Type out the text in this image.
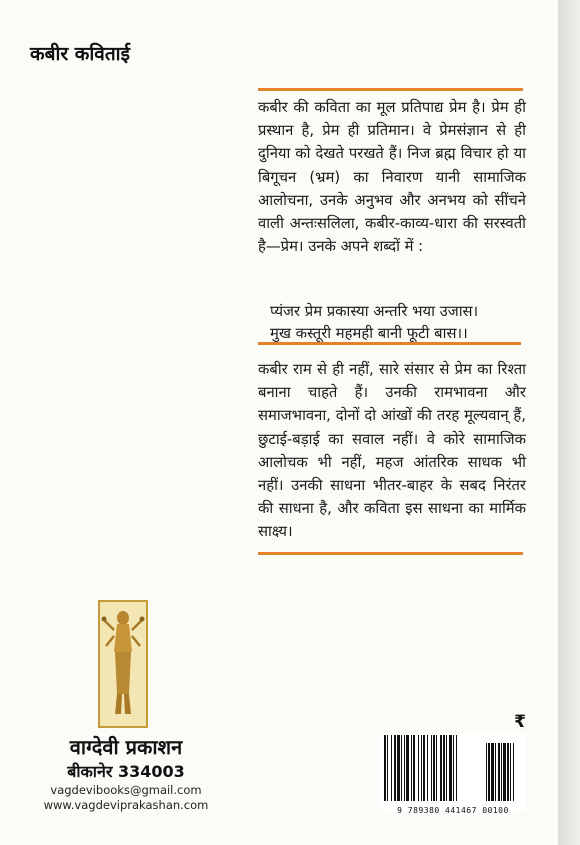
कबीर कविताई
कबीर की कविता का मूल प्रतिपाद्य प्रेम है। प्रेम ही प्रस्थान है, प्रेम ही प्रतिमान। वे प्रेमसंज्ञान से ही दुनिया को देखते परखते हैं। निज ब्रह्म विचार हो या बिगूचन (भ्रम) का निवारण यानी सामाजिक आलोचना, उनके अनुभव और अनभय को सींचने वाली अन्तःसलिला, कबीर-काव्य-धारा की सरस्वती है—प्रेम। उनके अपने शब्दों में :
प्यंजर प्रेम प्रकास्या अन्तरि भया उजास।
मुख कस्तूरी महमही बानी फूटी बास।।
कबीर राम से ही नहीं, सारे संसार से प्रेम का रिश्ता बनाना चाहते हैं। उनकी रामभावना और समाजभावना, दोनों दो आंखों की तरह मूल्यवान् हैं, छुटाई-बड़ाई का सवाल नहीं। वे कोरे सामाजिक आलोचक भी नहीं, महज आंतरिक साधक भी नहीं। उनकी साधना भीतर-बाहर के सबद निरंतर की साधना है, और कविता इस साधना का मार्मिक साक्ष्य।
वाग्देवी प्रकाशन
बीकानेर 334003
vagdevibooks@gmail.com
www.vagdeviprakashan.com
₹
9 789380 441467 00100
